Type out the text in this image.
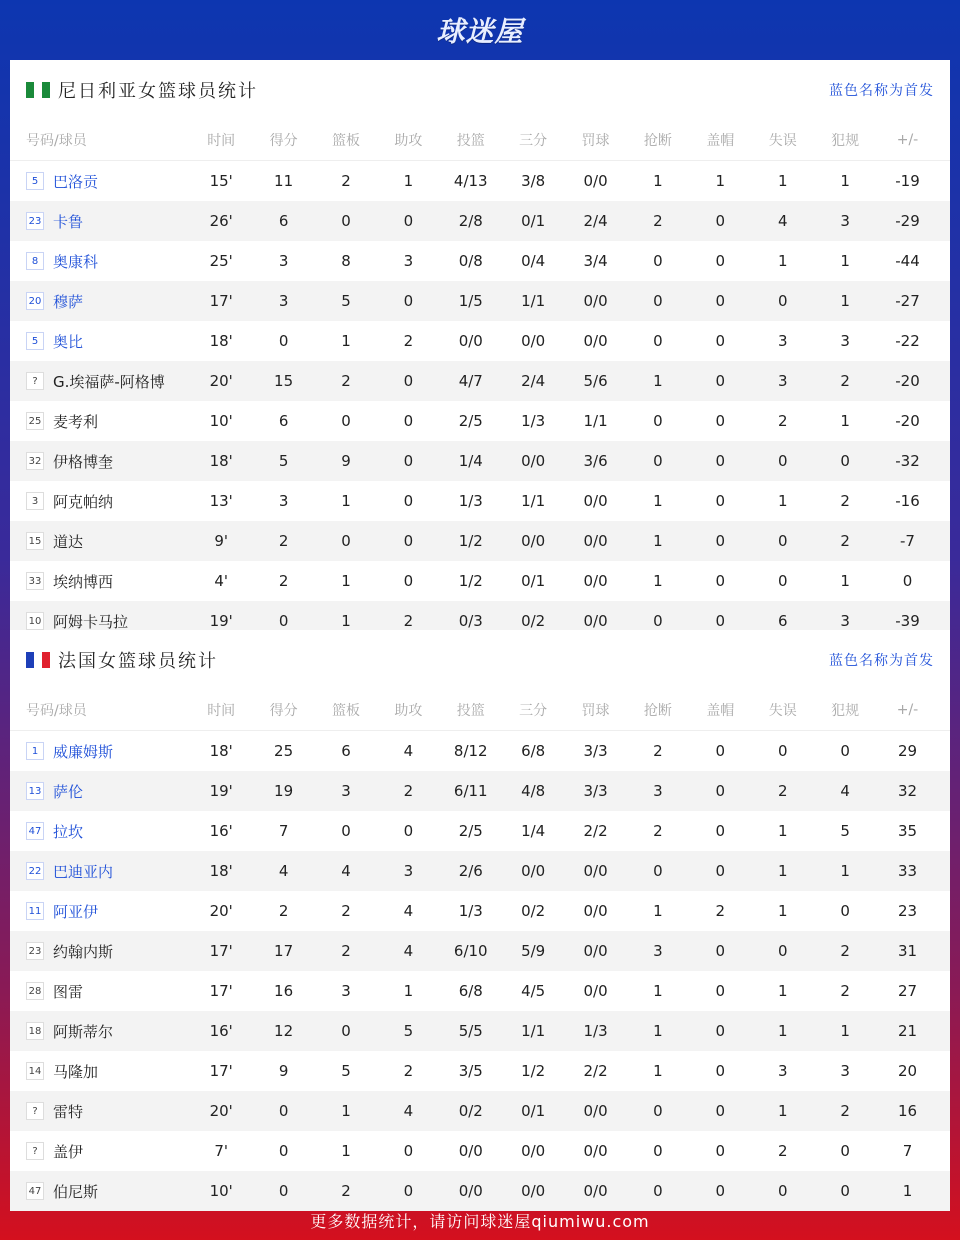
球迷屋
尼日利亚女篮球员统计	蓝色名称为首发
号码/球员	时间	得分	篮板	助攻	投篮	三分	罚球	抢断	盖帽	失误	犯规	+/-
5 巴洛贡	15'	11	2	1	4/13	3/8	0/0	1	1	1	1	-19
23 卡鲁	26'	6	0	0	2/8	0/1	2/4	2	0	4	3	-29
8 奥康科	25'	3	8	3	0/8	0/4	3/4	0	0	1	1	-44
20 穆萨	17'	3	5	0	1/5	1/1	0/0	0	0	0	1	-27
5 奥比	18'	0	1	2	0/0	0/0	0/0	0	0	3	3	-22
?	G.埃福萨-阿格博	20'	15	2	0	4/7	2/4	5/6	1	0	3	2	-20
25 麦考利	10'	6	0	0	2/5	1/3	1/1	0	0	2	1	-20
32 伊格博奎	18'	5	9	0	1/4	0/0	3/6	0	0	0	0	-32
3 阿克帕纳	13'	3	1	0	1/3	1/1	0/0	1	0	1	2	-16
15 道达	9'	2	0	0	1/2	0/0	0/0	1	0	0	2	-7
33 埃纳博西	4'	2	1	0	1/2	0/1	0/0	1	0	0	1	0
10 阿姆卡马拉	19'	0	1	2	0/3	0/2	0/0	0	0	6	3	-39
法国女篮球员统计	蓝色名称为首发
号码/球员	时间	得分	篮板	助攻	投篮	三分	罚球	抢断	盖帽	失误	犯规	+/-
1 威廉姆斯	18'	25	6	4	8/12	6/8	3/3	2	0	0	0	29
13 萨伦	19'	19	3	2	6/11	4/8	3/3	3	0	2	4	32
47 拉坎	16'	7	0	0	2/5	1/4	2/2	2	0	1	5	35
22 巴迪亚内	18'	4	4	3	2/6	0/0	0/0	0	0	1	1	33
11 阿亚伊	20'	2	2	4	1/3	0/2	0/0	1	2	1	0	23
23 约翰内斯	17'	17	2	4	6/10	5/9	0/0	3	0	0	2	31
28 图雷	17'	16	3	1	6/8	4/5	0/0	1	0	1	2	27
18 阿斯蒂尔	16'	12	0	5	5/5	1/1	1/3	1	0	1	1	21
14 马隆加	17'	9	5	2	3/5	1/2	2/2	1	0	3	3	20
?	雷特	20'	0	1	4	0/2	0/1	0/0	0	0	1	2	16
?	盖伊	7'	0	1	0	0/0	0/0	0/0	0	0	2	0	7
47 伯尼斯	10'	0	2	0	0/0	0/0	0/0	0	0	0	0	1
更多数据统计，请访问球迷屋qiumiwu.com
